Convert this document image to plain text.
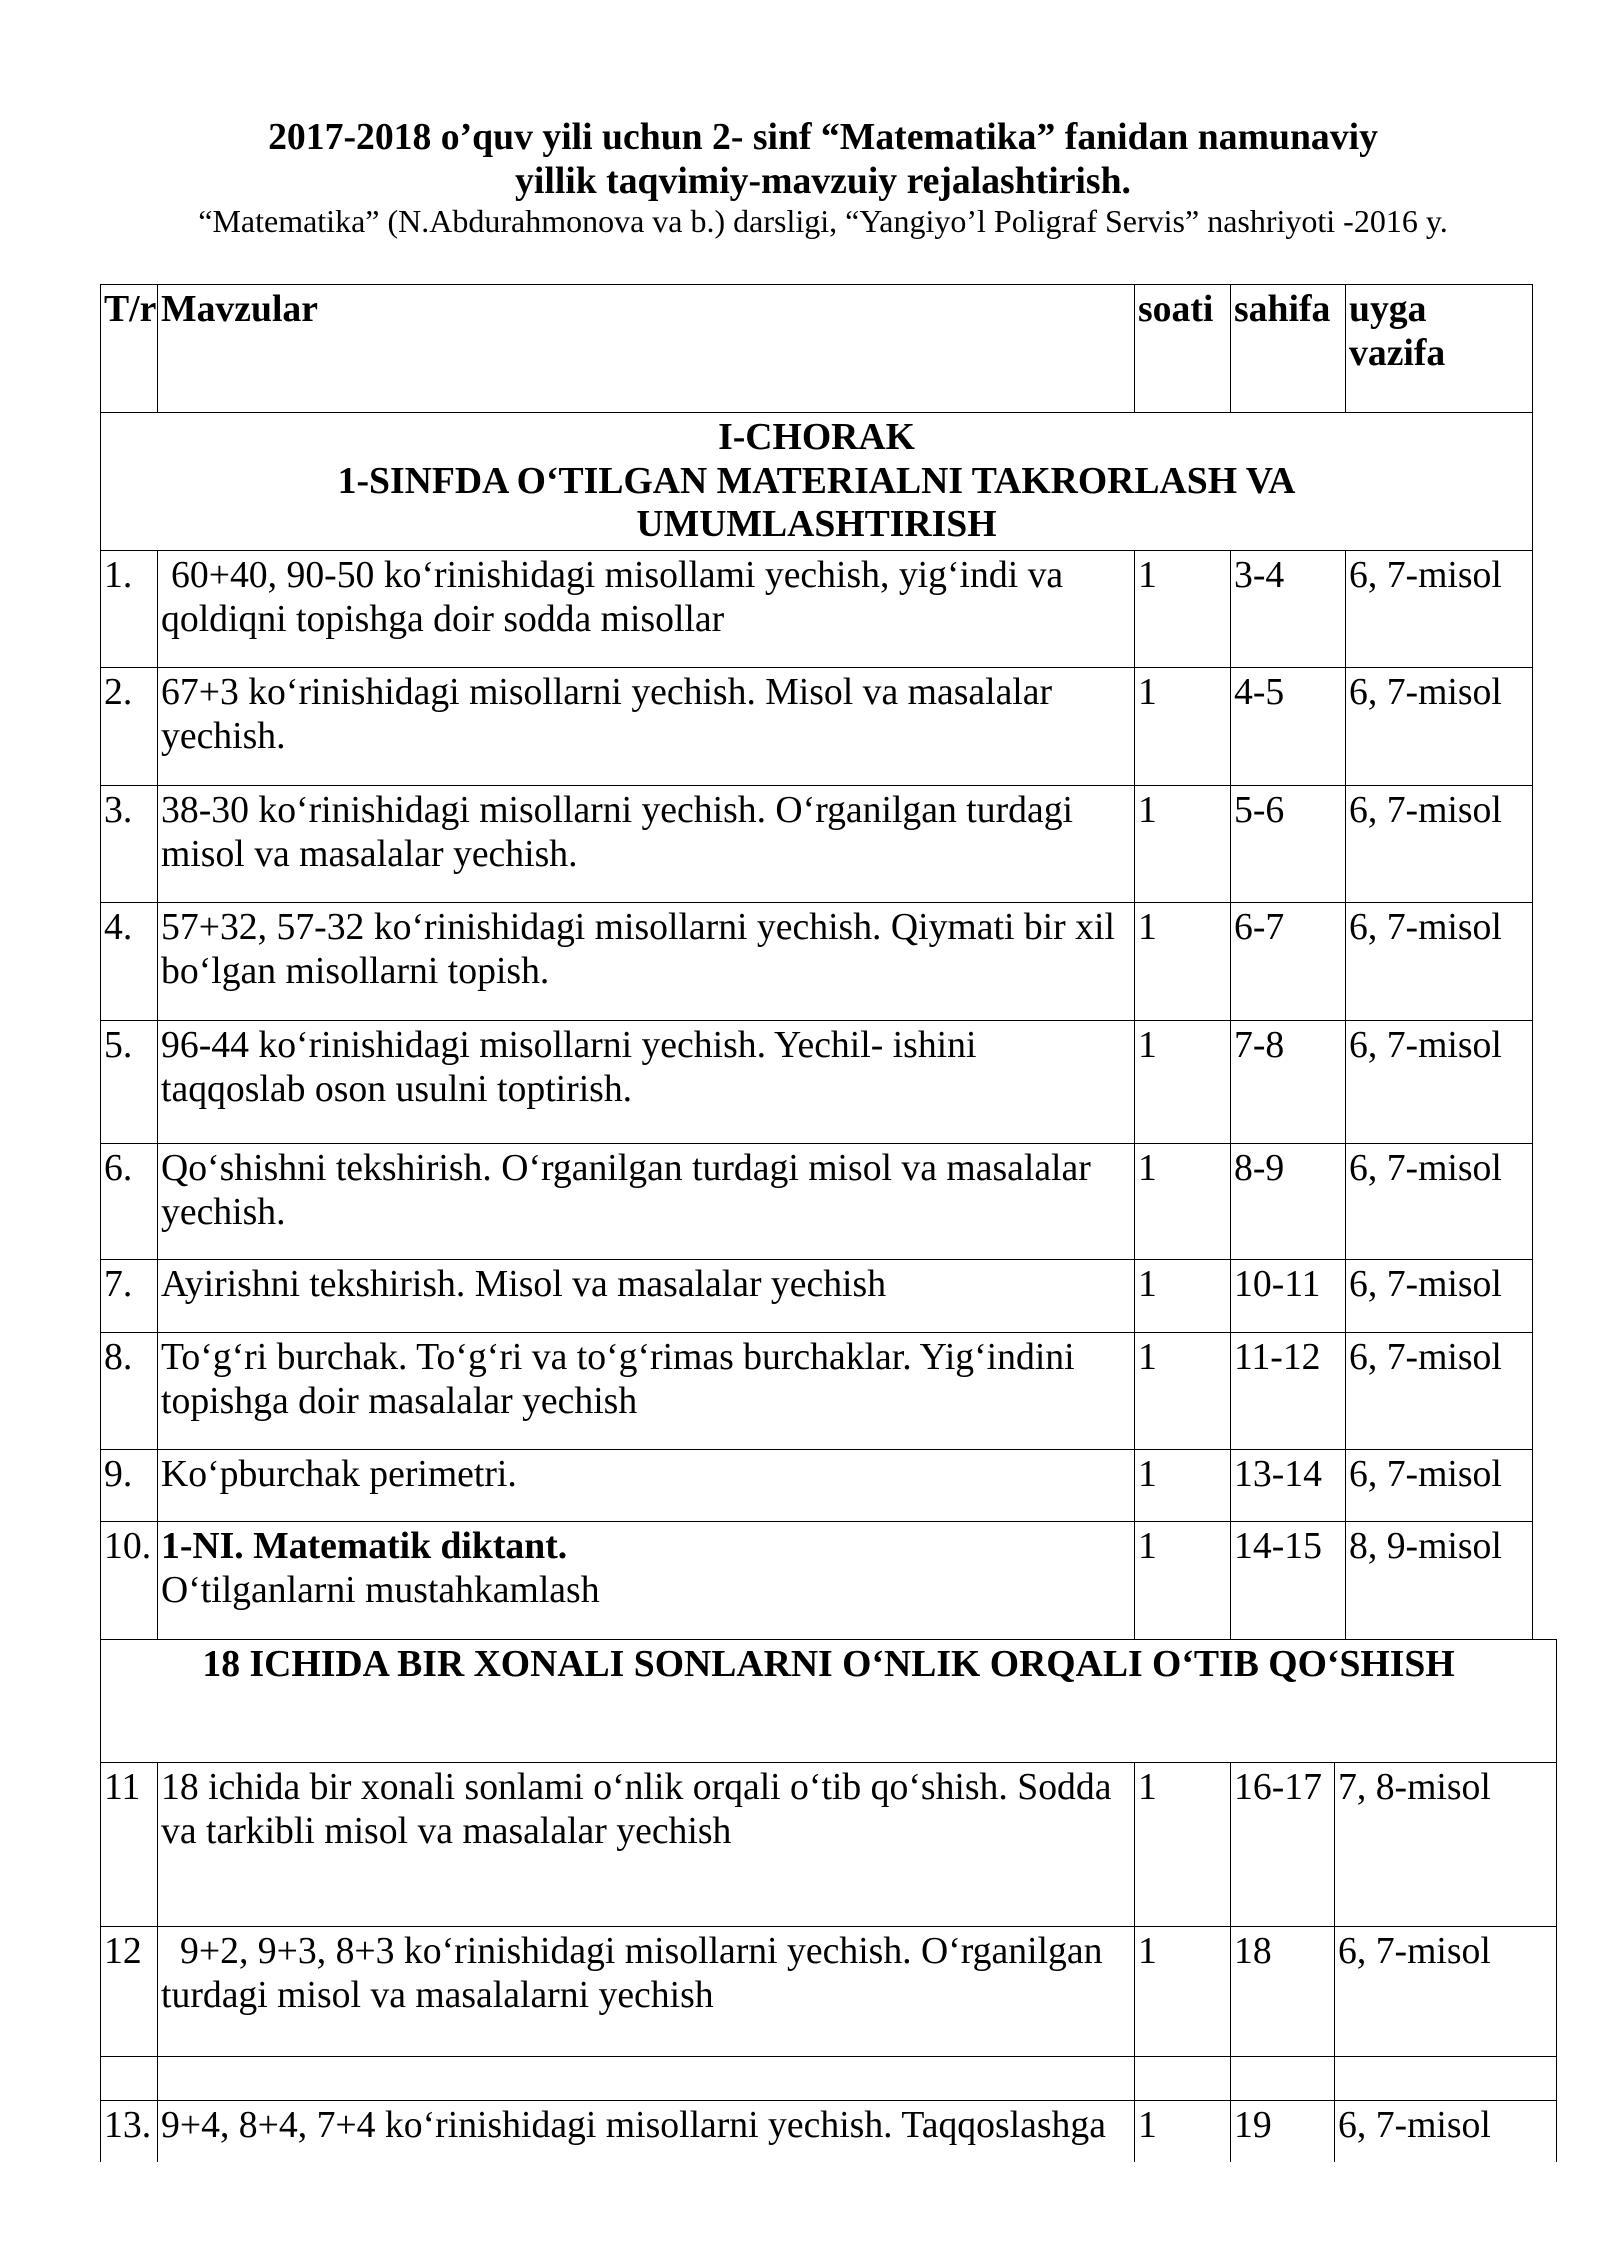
2017-2018 o’quv yili uchun 2- sinf “Matematika” fanidan namunaviy
yillik taqvimiy-mavzuiy rejalashtirish.
“Matematika” (N.Abdurahmonova va b.) darsligi, “Yangiyo’l Poligraf Servis” nashriyoti -2016 y.
T/r	Mavzular	soati	sahifa	uyga vazifa

I-CHORAK
1-SINFDA O‘TILGAN MATERIALNI TAKRORLASH VA
UMUMLASHTIRISH				

1.	60+40, 90-50 ko‘rinishidagi misollami yechish, yig‘indi va
qoldiqni topishga doir sodda misollar	1	3-4	6, 7-misol
2.	67+3 ko‘rinishidagi misollarni yechish. Misol va masalalar
yechish.	1	4-5	6, 7-misol
3.	38-30 ko‘rinishidagi misollarni yechish. O‘rganilgan turdagi
misol va masalalar yechish.	1	5-6	6, 7-misol
4.	57+32, 57-32 ko‘rinishidagi misollarni yechish. Qiymati bir xil
bo‘lgan misollarni topish.	1	6-7	6, 7-misol
5.	96-44 ko‘rinishidagi misollarni yechish. Yechil- ishini
taqqoslab oson usulni toptirish.	1	7-8	6, 7-misol
6.	Qo‘shishni tekshirish. O‘rganilgan turdagi misol va masalalar
yechish.	1	8-9	6, 7-misol
7.	Ayirishni tekshirish. Misol va masalalar yechish	1	10-11	6, 7-misol
8.	To‘g‘ri burchak. To‘g‘ri va to‘g‘rimas burchaklar. Yig‘indini
topishga doir masalalar yechish	1	11-12	6, 7-misol
9.	Ko‘pburchak perimetri.	1	13-14	6, 7-misol
10.	1-NI. Matematik diktant.
O‘tilganlarni mustahkamlash	1	14-15	8, 9-misol
18 ICHIDA BIR XONALI SONLARNI O‘NLIK ORQALI O‘TIB QO‘SHISH				

11	18 ichida bir xonali sonlami o‘nlik orqali o‘tib qo‘shish. Sodda
va tarkibli misol va masalalar yechish	1	16-17	7, 8-misol
12	9+2, 9+3, 8+3 ko‘rinishidagi misollarni yechish. O‘rganilgan
turdagi misol va masalalarni yechish	1	18	6, 7-misol

13.	9+4, 8+4, 7+4 ko‘rinishidagi misollarni yechish. Taqqoslashga	1	19	6, 7-misol
